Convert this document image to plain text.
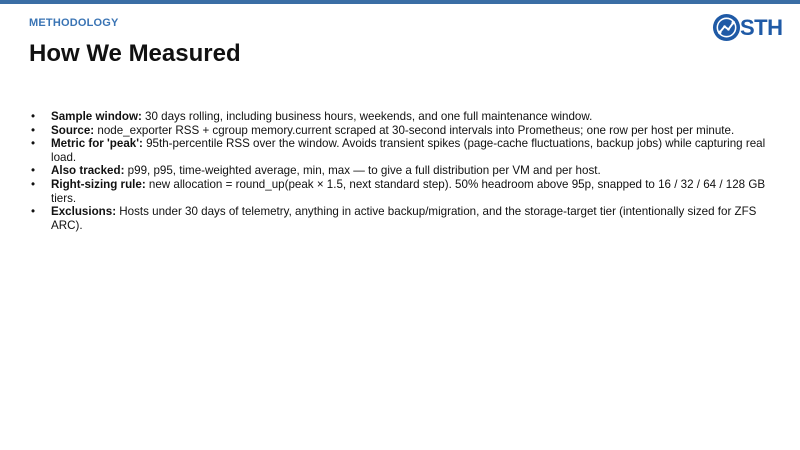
METHODOLOGY
How We Measured
STH
• Sample window: 30 days rolling, including business hours, weekends, and one full maintenance window.
• Source: node_exporter RSS + cgroup memory.current scraped at 30-second intervals into Prometheus; one row per host per minute.
• Metric for 'peak': 95th-percentile RSS over the window. Avoids transient spikes (page-cache fluctuations, backup jobs) while capturing real load.
• Also tracked: p99, p95, time-weighted average, min, max — to give a full distribution per VM and per host.
• Right-sizing rule: new allocation = round_up(peak × 1.5, next standard step). 50% headroom above 95p, snapped to 16 / 32 / 64 / 128 GB tiers.
• Exclusions: Hosts under 30 days of telemetry, anything in active backup/migration, and the storage-target tier (intentionally sized for ZFS ARC).
